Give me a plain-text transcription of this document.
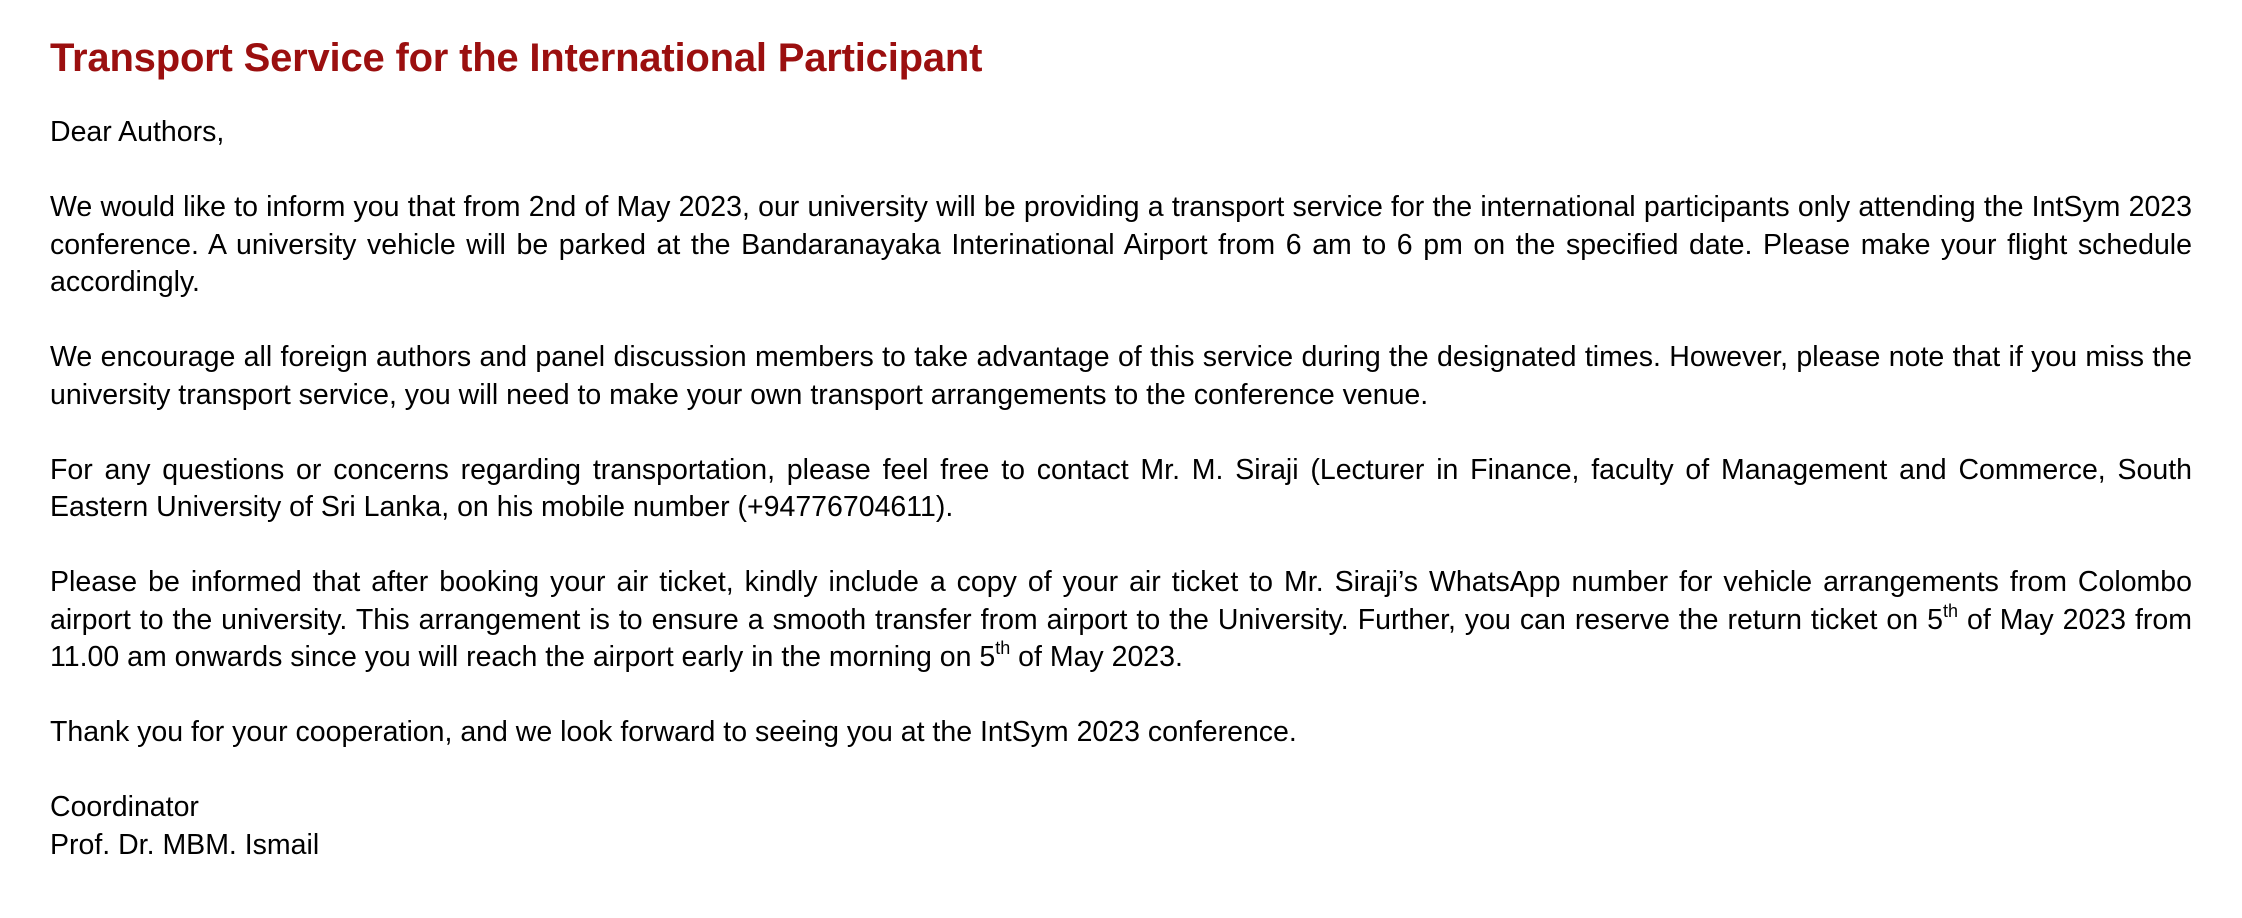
Transport Service for the International Participant

Dear Authors,

We would like to inform you that from 2nd of May 2023, our university will be providing a transport service for the international participants only attending the IntSym 2023 conference. A university vehicle will be parked at the Bandaranayaka Interinational Airport from 6 am to 6 pm on the specified date. Please make your flight schedule accordingly.

We encourage all foreign authors and panel discussion members to take advantage of this service during the designated times. However, please note that if you miss the university transport service, you will need to make your own transport arrangements to the conference venue.

For any questions or concerns regarding transportation, please feel free to contact Mr. M. Siraji (Lecturer in Finance, faculty of Management and Commerce, South Eastern University of Sri Lanka, on his mobile number (+94776704611).

Please be informed that after booking your air ticket, kindly include a copy of your air ticket to Mr. Siraji’s WhatsApp number for vehicle arrangements from Colombo airport to the university. This arrangement is to ensure a smooth transfer from airport to the University. Further, you can reserve the return ticket on 5th of May 2023 from 11.00 am onwards since you will reach the airport early in the morning on 5th of May 2023.

Thank you for your cooperation, and we look forward to seeing you at the IntSym 2023 conference.

Coordinator
Prof. Dr. MBM. Ismail
